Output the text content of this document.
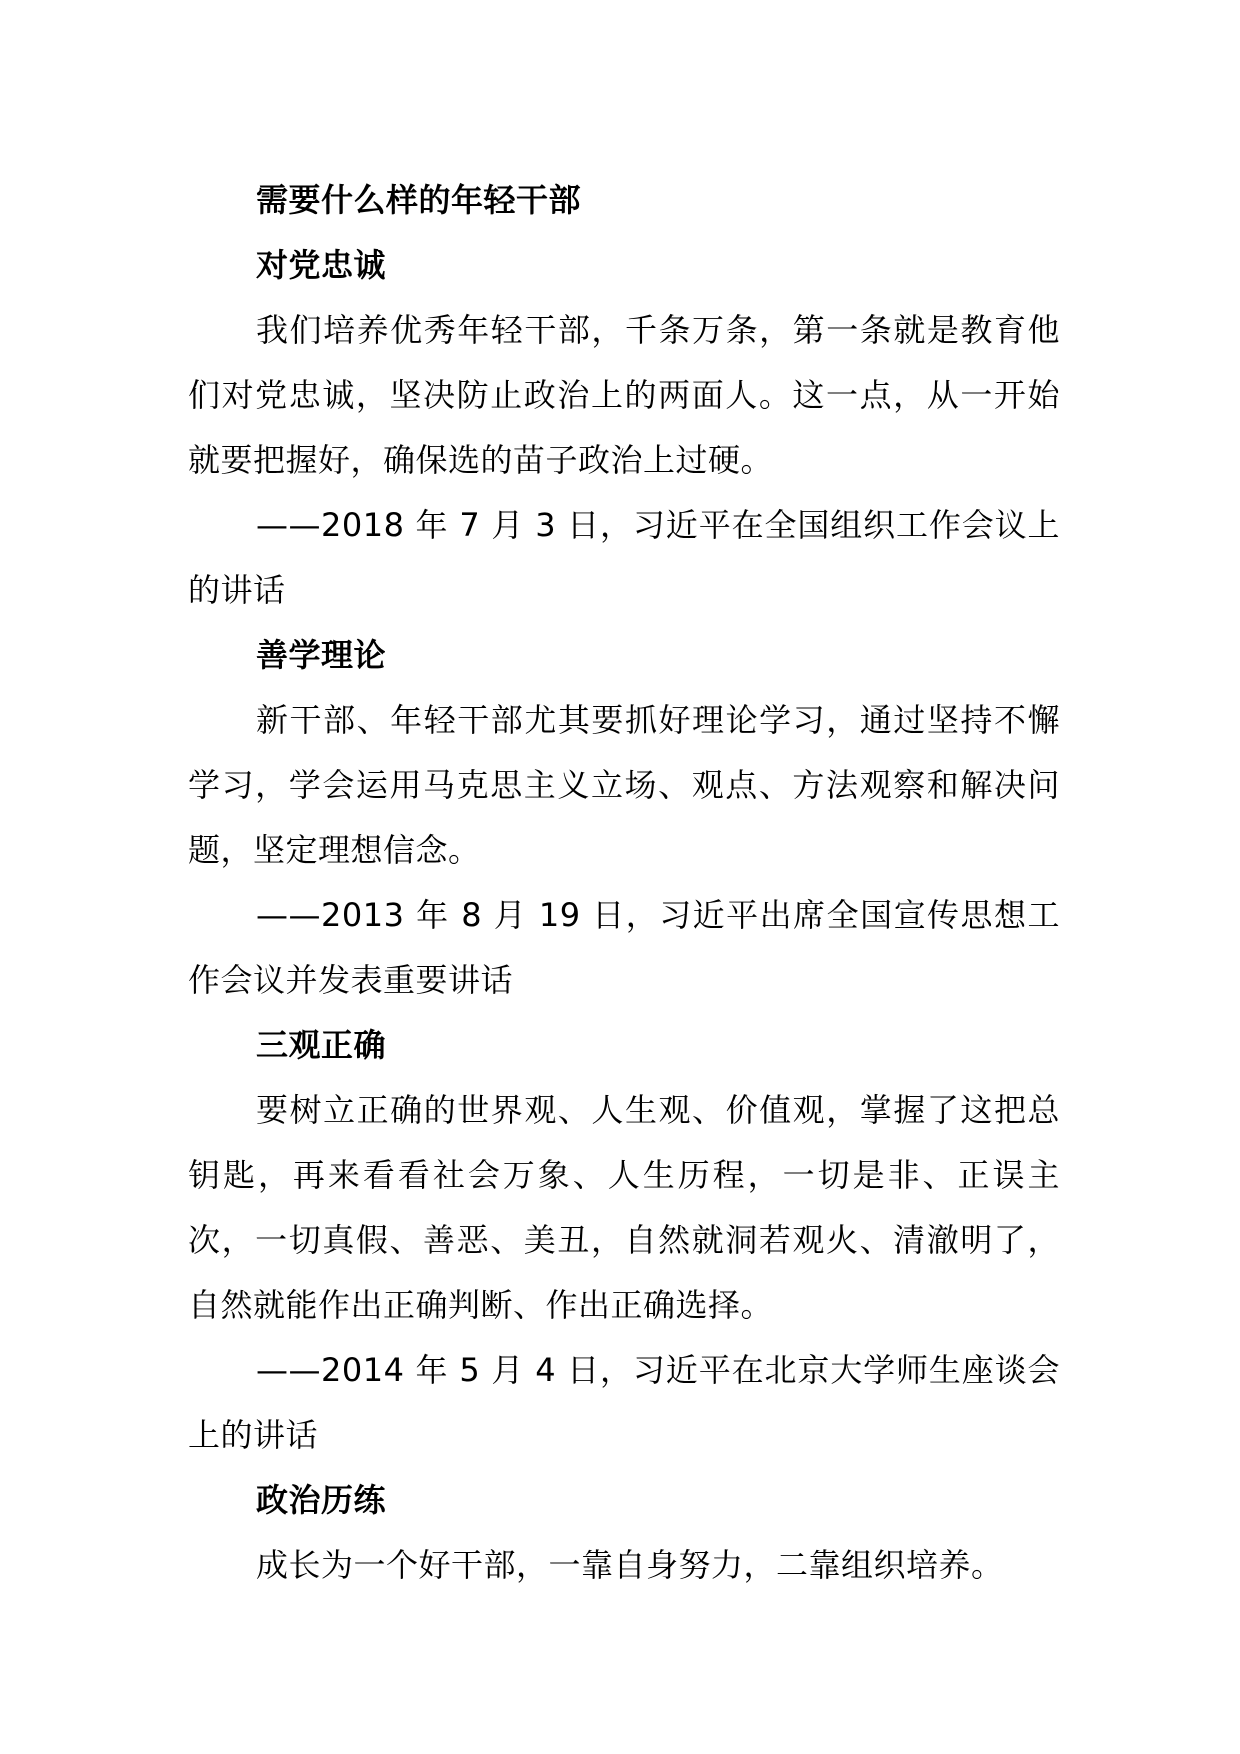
需要什么样的年轻干部

对党忠诚

我们培养优秀年轻干部，千条万条，第一条就是教育他们对党忠诚，坚决防止政治上的两面人。这一点，从一开始就要把握好，确保选的苗子政治上过硬。

——2018 年 7 月 3 日，习近平在全国组织工作会议上的讲话

善学理论

新干部、年轻干部尤其要抓好理论学习，通过坚持不懈学习，学会运用马克思主义立场、观点、方法观察和解决问题，坚定理想信念。

——2013 年 8 月 19 日，习近平出席全国宣传思想工作会议并发表重要讲话

三观正确

要树立正确的世界观、人生观、价值观，掌握了这把总钥匙，再来看看社会万象、人生历程，一切是非、正误主次，一切真假、善恶、美丑，自然就洞若观火、清澈明了，自然就能作出正确判断、作出正确选择。

——2014 年 5 月 4 日，习近平在北京大学师生座谈会上的讲话

政治历练

成长为一个好干部，一靠自身努力，二靠组织培养。
